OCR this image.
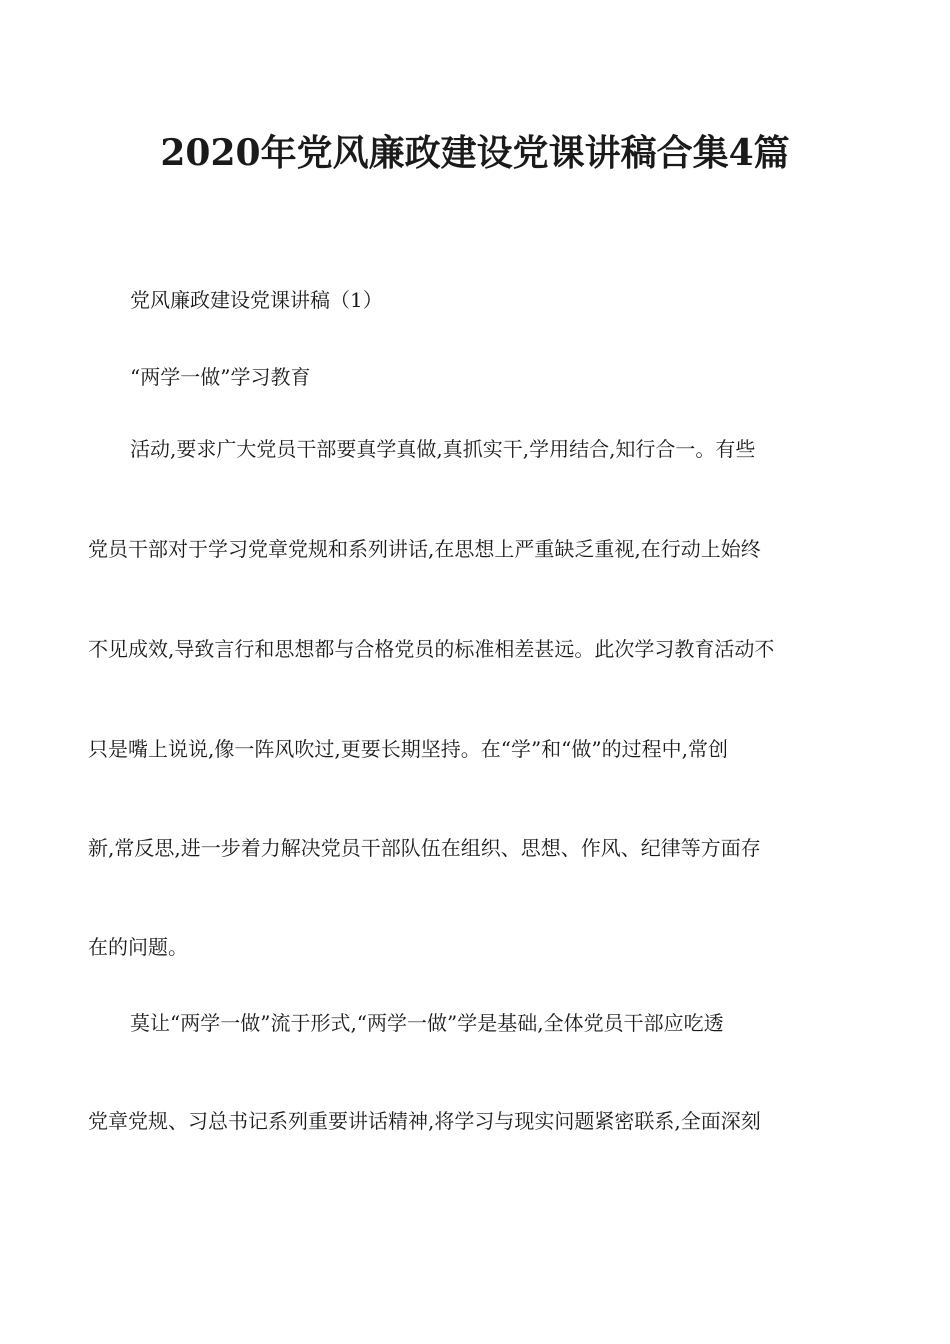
2020年党风廉政建设党课讲稿合集4篇
党风廉政建设党课讲稿（1）
“两学一做”学习教育
活动,要求广大党员干部要真学真做,真抓实干,学用结合,知行合一。有些
党员干部对于学习党章党规和系列讲话,在思想上严重缺乏重视,在行动上始终
不见成效,导致言行和思想都与合格党员的标准相差甚远。此次学习教育活动不
只是嘴上说说,像一阵风吹过,更要长期坚持。在“学”和“做”的过程中,常创
新,常反思,进一步着力解决党员干部队伍在组织、思想、作风、纪律等方面存
在的问题。
莫让“两学一做”流于形式,“两学一做”学是基础,全体党员干部应吃透
党章党规、习总书记系列重要讲话精神,将学习与现实问题紧密联系,全面深刻
